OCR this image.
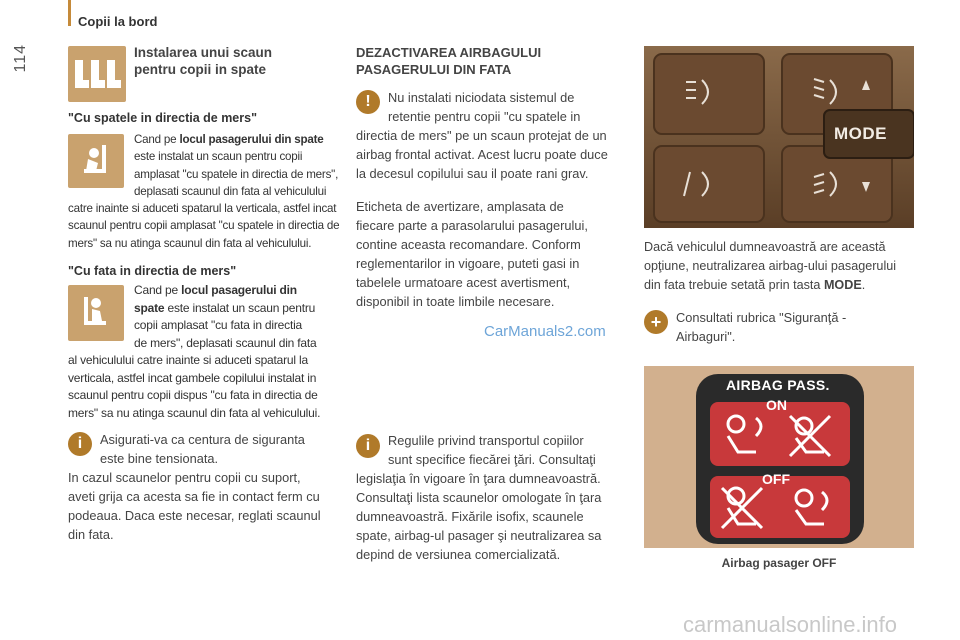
Copii la bord
114	Instalarea unui scaun
pentru copii in spate
"Cu spatele in directia de mers"
Cand pe locul pasagerului din spate
este instalat un scaun pentru copii
amplasat "cu spatele in directia de mers",
deplasati scaunul din fata al vehiculului
catre inainte si aduceti spatarul la verticala, astfel incat
scaunul pentru copii amplasat "cu spatele in directia de
mers" sa nu atinga scaunul din fata al vehiculului.
"Cu fata in directia de mers"
Cand pe locul pasagerului din
spate este instalat un scaun pentru
copii amplasat "cu fata in directia
de mers", deplasati scaunul din fata
al vehiculului catre inainte si aduceti spatarul la
verticala, astfel incat gambele copilului instalat in
scaunul pentru copii dispus "cu fata in directia de
mers" sa nu atinga scaunul din fata al vehiculului.
i	Asigurati-va ca centura de siguranta
este bine tensionata.
In cazul scaunelor pentru copii cu suport,
aveti grija ca acesta sa fie in contact ferm cu
podeaua. Daca este necesar, reglati scaunul
din fata.
DEZACTIVAREA AIRBAGULUI
PASAGERULUI DIN FATA
!	Nu instalati niciodata sistemul de
retentie pentru copii "cu spatele in
directia de mers" pe un scaun protejat de un
airbag frontal activat. Acest lucru poate duce
la decesul copilului sau il poate rani grav.
Eticheta de avertizare, amplasata de
fiecare parte a parasolarului pasagerului,
contine aceasta recomandare. Conform
reglementarilor in vigoare, puteti gasi in
tabelele urmatoare acest avertisment,
disponibil in toate limbile necesare.
CarManuals2.com
i	Regulile privind transportul copiilor
sunt specifice fiecărei ţări. Consultaţi
legislaţia în vigoare în ţara dumneavoastră.
Consultaţi lista scaunelor omologate în ţara
dumneavoastră. Fixările isofix, scaunele
spate, airbag-ul pasager şi neutralizarea sa
depind de versiunea comercializată.
MODE
Dacă vehiculul dumneavoastră are această
opţiune, neutralizarea airbag-ului pasagerului
din fata trebuie setată prin tasta MODE.
+	Consultati rubrica "Siguranţă -
Airbaguri".
AIRBAG PASS.
ON
OFF
Airbag pasager OFF
carmanualsonline.info
